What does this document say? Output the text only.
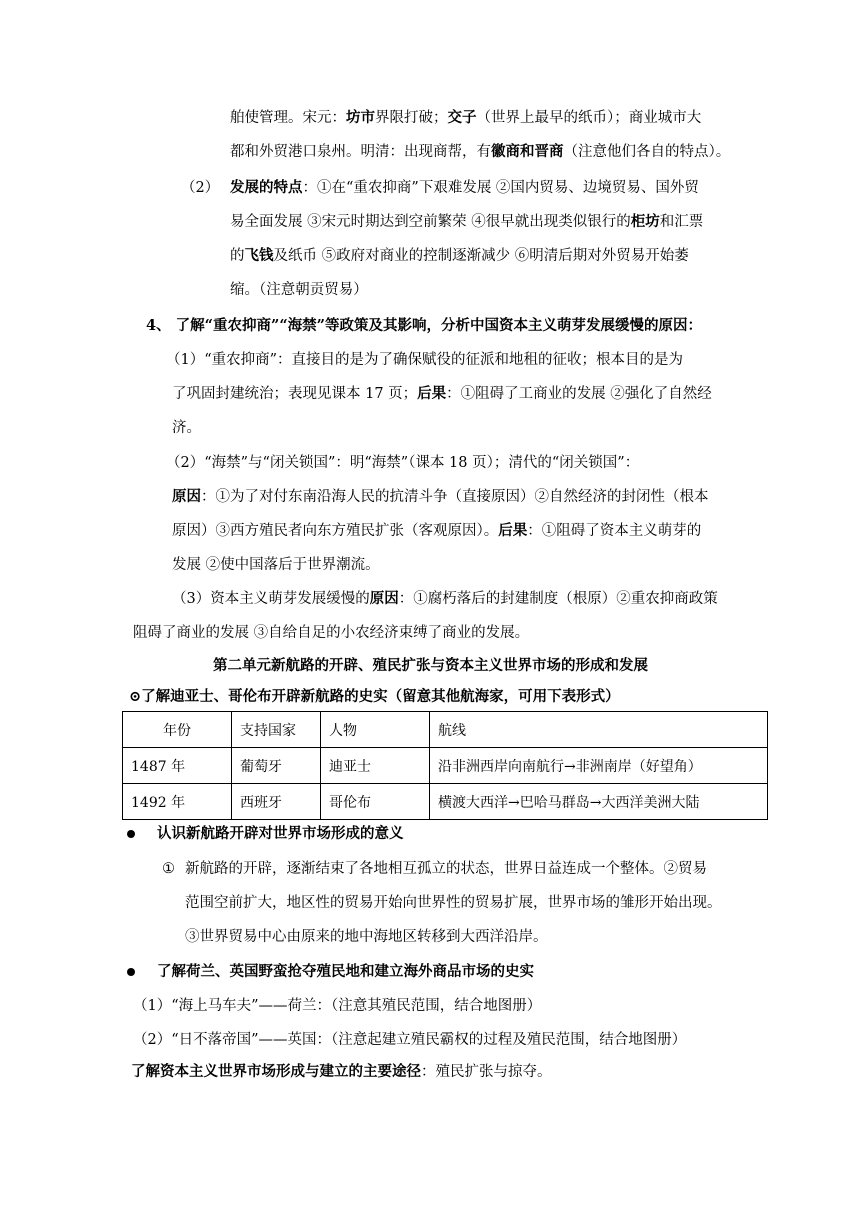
舶使管理。宋元：坊市界限打破；交子（世界上最早的纸币）；商业城市大
都和外贸港口泉州。明清：出现商帮，有徽商和晋商（注意他们各自的特点）。
（2） 发展的特点：①在“重农抑商”下艰难发展 ②国内贸易、边境贸易、国外贸
易全面发展 ③宋元时期达到空前繁荣 ④很早就出现类似银行的柜坊和汇票
的飞钱及纸币 ⑤政府对商业的控制逐渐减少 ⑥明清后期对外贸易开始萎
缩。（注意朝贡贸易）
4、 了解“重农抑商”“海禁”等政策及其影响，分析中国资本主义萌芽发展缓慢的原因：
（1）“重农抑商”：直接目的是为了确保赋役的征派和地租的征收；根本目的是为
了巩固封建统治；表现见课本 17 页；后果：①阻碍了工商业的发展 ②强化了自然经
济。
（2）“海禁”与“闭关锁国”：明“海禁”（课本 18 页）；清代的“闭关锁国”：
原因：①为了对付东南沿海人民的抗清斗争（直接原因）②自然经济的封闭性（根本
原因）③西方殖民者向东方殖民扩张（客观原因）。后果：①阻碍了资本主义萌芽的
发展 ②使中国落后于世界潮流。
（3）资本主义萌芽发展缓慢的原因：①腐朽落后的封建制度（根原）②重农抑商政策
阻碍了商业的发展 ③自给自足的小农经济束缚了商业的发展。
第二单元新航路的开辟、殖民扩张与资本主义世界市场的形成和发展
⊙了解迪亚士、哥伦布开辟新航路的史实（留意其他航海家，可用下表形式）
年份	支持国家	人物	航线
1487 年	葡萄牙	迪亚士	沿非洲西岸向南航行→非洲南岸（好望角）
1492 年	西班牙	哥伦布	横渡大西洋→巴哈马群岛→大西洋美洲大陆
认识新航路开辟对世界市场形成的意义
① 新航路的开辟，逐渐结束了各地相互孤立的状态，世界日益连成一个整体。②贸易
范围空前扩大，地区性的贸易开始向世界性的贸易扩展，世界市场的雏形开始出现。
③世界贸易中心由原来的地中海地区转移到大西洋沿岸。
了解荷兰、英国野蛮抢夺殖民地和建立海外商品市场的史实
（1）“海上马车夫”——荷兰：（注意其殖民范围，结合地图册）
（2）“日不落帝国”——英国：（注意起建立殖民霸权的过程及殖民范围，结合地图册）
了解资本主义世界市场形成与建立的主要途径：殖民扩张与掠夺。
